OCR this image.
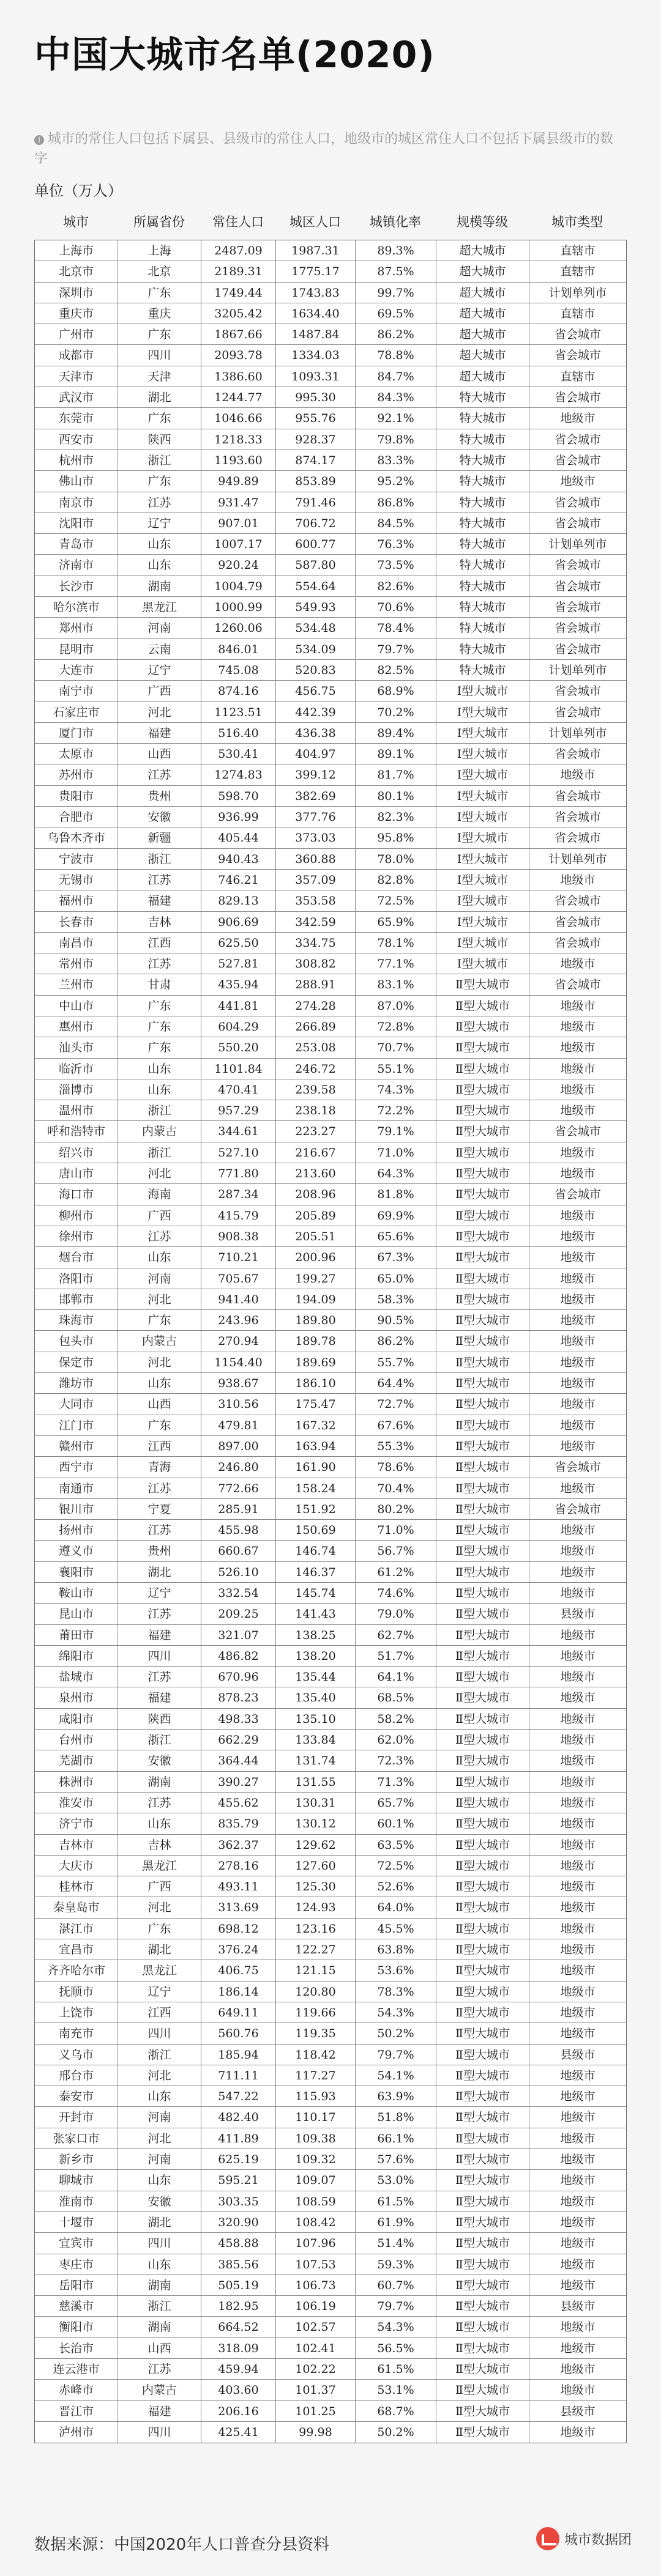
中国大城市名单(2020)
i 城市的常住人口包括下属县、县级市的常住人口，地级市的城区常住人口不包括下属县级市的数字
单位（万人）
城市	所属省份	常住人口	城区人口	城镇化率	规模等级	城市类型
上海市	上海	2487.09	1987.31	89.3%	超大城市	直辖市
北京市	北京	2189.31	1775.17	87.5%	超大城市	直辖市
深圳市	广东	1749.44	1743.83	99.7%	超大城市	计划单列市
重庆市	重庆	3205.42	1634.40	69.5%	超大城市	直辖市
广州市	广东	1867.66	1487.84	86.2%	超大城市	省会城市
成都市	四川	2093.78	1334.03	78.8%	超大城市	省会城市
天津市	天津	1386.60	1093.31	84.7%	超大城市	直辖市
武汉市	湖北	1244.77	995.30	84.3%	特大城市	省会城市
东莞市	广东	1046.66	955.76	92.1%	特大城市	地级市
西安市	陕西	1218.33	928.37	79.8%	特大城市	省会城市
杭州市	浙江	1193.60	874.17	83.3%	特大城市	省会城市
佛山市	广东	949.89	853.89	95.2%	特大城市	地级市
南京市	江苏	931.47	791.46	86.8%	特大城市	省会城市
沈阳市	辽宁	907.01	706.72	84.5%	特大城市	省会城市
青岛市	山东	1007.17	600.77	76.3%	特大城市	计划单列市
济南市	山东	920.24	587.80	73.5%	特大城市	省会城市
长沙市	湖南	1004.79	554.64	82.6%	特大城市	省会城市
哈尔滨市	黑龙江	1000.99	549.93	70.6%	特大城市	省会城市
郑州市	河南	1260.06	534.48	78.4%	特大城市	省会城市
昆明市	云南	846.01	534.09	79.7%	特大城市	省会城市
大连市	辽宁	745.08	520.83	82.5%	特大城市	计划单列市
南宁市	广西	874.16	456.75	68.9%	Ⅰ型大城市	省会城市
石家庄市	河北	1123.51	442.39	70.2%	Ⅰ型大城市	省会城市
厦门市	福建	516.40	436.38	89.4%	Ⅰ型大城市	计划单列市
太原市	山西	530.41	404.97	89.1%	Ⅰ型大城市	省会城市
苏州市	江苏	1274.83	399.12	81.7%	Ⅰ型大城市	地级市
贵阳市	贵州	598.70	382.69	80.1%	Ⅰ型大城市	省会城市
合肥市	安徽	936.99	377.76	82.3%	Ⅰ型大城市	省会城市
乌鲁木齐市	新疆	405.44	373.03	95.8%	Ⅰ型大城市	省会城市
宁波市	浙江	940.43	360.88	78.0%	Ⅰ型大城市	计划单列市
无锡市	江苏	746.21	357.09	82.8%	Ⅰ型大城市	地级市
福州市	福建	829.13	353.58	72.5%	Ⅰ型大城市	省会城市
长春市	吉林	906.69	342.59	65.9%	Ⅰ型大城市	省会城市
南昌市	江西	625.50	334.75	78.1%	Ⅰ型大城市	省会城市
常州市	江苏	527.81	308.82	77.1%	Ⅰ型大城市	地级市
兰州市	甘肃	435.94	288.91	83.1%	Ⅱ型大城市	省会城市
中山市	广东	441.81	274.28	87.0%	Ⅱ型大城市	地级市
惠州市	广东	604.29	266.89	72.8%	Ⅱ型大城市	地级市
汕头市	广东	550.20	253.08	70.7%	Ⅱ型大城市	地级市
临沂市	山东	1101.84	246.72	55.1%	Ⅱ型大城市	地级市
淄博市	山东	470.41	239.58	74.3%	Ⅱ型大城市	地级市
温州市	浙江	957.29	238.18	72.2%	Ⅱ型大城市	地级市
呼和浩特市	内蒙古	344.61	223.27	79.1%	Ⅱ型大城市	省会城市
绍兴市	浙江	527.10	216.67	71.0%	Ⅱ型大城市	地级市
唐山市	河北	771.80	213.60	64.3%	Ⅱ型大城市	地级市
海口市	海南	287.34	208.96	81.8%	Ⅱ型大城市	省会城市
柳州市	广西	415.79	205.89	69.9%	Ⅱ型大城市	地级市
徐州市	江苏	908.38	205.51	65.6%	Ⅱ型大城市	地级市
烟台市	山东	710.21	200.96	67.3%	Ⅱ型大城市	地级市
洛阳市	河南	705.67	199.27	65.0%	Ⅱ型大城市	地级市
邯郸市	河北	941.40	194.09	58.3%	Ⅱ型大城市	地级市
珠海市	广东	243.96	189.80	90.5%	Ⅱ型大城市	地级市
包头市	内蒙古	270.94	189.78	86.2%	Ⅱ型大城市	地级市
保定市	河北	1154.40	189.69	55.7%	Ⅱ型大城市	地级市
潍坊市	山东	938.67	186.10	64.4%	Ⅱ型大城市	地级市
大同市	山西	310.56	175.47	72.7%	Ⅱ型大城市	地级市
江门市	广东	479.81	167.32	67.6%	Ⅱ型大城市	地级市
赣州市	江西	897.00	163.94	55.3%	Ⅱ型大城市	地级市
西宁市	青海	246.80	161.90	78.6%	Ⅱ型大城市	省会城市
南通市	江苏	772.66	158.24	70.4%	Ⅱ型大城市	地级市
银川市	宁夏	285.91	151.92	80.2%	Ⅱ型大城市	省会城市
扬州市	江苏	455.98	150.69	71.0%	Ⅱ型大城市	地级市
遵义市	贵州	660.67	146.74	56.7%	Ⅱ型大城市	地级市
襄阳市	湖北	526.10	146.37	61.2%	Ⅱ型大城市	地级市
鞍山市	辽宁	332.54	145.74	74.6%	Ⅱ型大城市	地级市
昆山市	江苏	209.25	141.43	79.0%	Ⅱ型大城市	县级市
莆田市	福建	321.07	138.25	62.7%	Ⅱ型大城市	地级市
绵阳市	四川	486.82	138.20	51.7%	Ⅱ型大城市	地级市
盐城市	江苏	670.96	135.44	64.1%	Ⅱ型大城市	地级市
泉州市	福建	878.23	135.40	68.5%	Ⅱ型大城市	地级市
咸阳市	陕西	498.33	135.10	58.2%	Ⅱ型大城市	地级市
台州市	浙江	662.29	133.84	62.0%	Ⅱ型大城市	地级市
芜湖市	安徽	364.44	131.74	72.3%	Ⅱ型大城市	地级市
株洲市	湖南	390.27	131.55	71.3%	Ⅱ型大城市	地级市
淮安市	江苏	455.62	130.31	65.7%	Ⅱ型大城市	地级市
济宁市	山东	835.79	130.12	60.1%	Ⅱ型大城市	地级市
吉林市	吉林	362.37	129.62	63.5%	Ⅱ型大城市	地级市
大庆市	黑龙江	278.16	127.60	72.5%	Ⅱ型大城市	地级市
桂林市	广西	493.11	125.30	52.6%	Ⅱ型大城市	地级市
秦皇岛市	河北	313.69	124.93	64.0%	Ⅱ型大城市	地级市
湛江市	广东	698.12	123.16	45.5%	Ⅱ型大城市	地级市
宜昌市	湖北	376.24	122.27	63.8%	Ⅱ型大城市	地级市
齐齐哈尔市	黑龙江	406.75	121.15	53.6%	Ⅱ型大城市	地级市
抚顺市	辽宁	186.14	120.80	78.3%	Ⅱ型大城市	地级市
上饶市	江西	649.11	119.66	54.3%	Ⅱ型大城市	地级市
南充市	四川	560.76	119.35	50.2%	Ⅱ型大城市	地级市
义乌市	浙江	185.94	118.42	79.7%	Ⅱ型大城市	县级市
邢台市	河北	711.11	117.27	54.1%	Ⅱ型大城市	地级市
泰安市	山东	547.22	115.93	63.9%	Ⅱ型大城市	地级市
开封市	河南	482.40	110.17	51.8%	Ⅱ型大城市	地级市
张家口市	河北	411.89	109.38	66.1%	Ⅱ型大城市	地级市
新乡市	河南	625.19	109.32	57.6%	Ⅱ型大城市	地级市
聊城市	山东	595.21	109.07	53.0%	Ⅱ型大城市	地级市
淮南市	安徽	303.35	108.59	61.5%	Ⅱ型大城市	地级市
十堰市	湖北	320.90	108.42	61.9%	Ⅱ型大城市	地级市
宜宾市	四川	458.88	107.96	51.4%	Ⅱ型大城市	地级市
枣庄市	山东	385.56	107.53	59.3%	Ⅱ型大城市	地级市
岳阳市	湖南	505.19	106.73	60.7%	Ⅱ型大城市	地级市
慈溪市	浙江	182.95	106.19	79.7%	Ⅱ型大城市	县级市
衡阳市	湖南	664.52	102.57	54.3%	Ⅱ型大城市	地级市
长治市	山西	318.09	102.41	56.5%	Ⅱ型大城市	地级市
连云港市	江苏	459.94	102.22	61.5%	Ⅱ型大城市	地级市
赤峰市	内蒙古	403.60	101.37	53.1%	Ⅱ型大城市	地级市
晋江市	福建	206.16	101.25	68.7%	Ⅱ型大城市	县级市
泸州市	四川	425.41	99.98	50.2%	Ⅱ型大城市	地级市
数据来源：中国2020年人口普查分县资料	城市数据团
